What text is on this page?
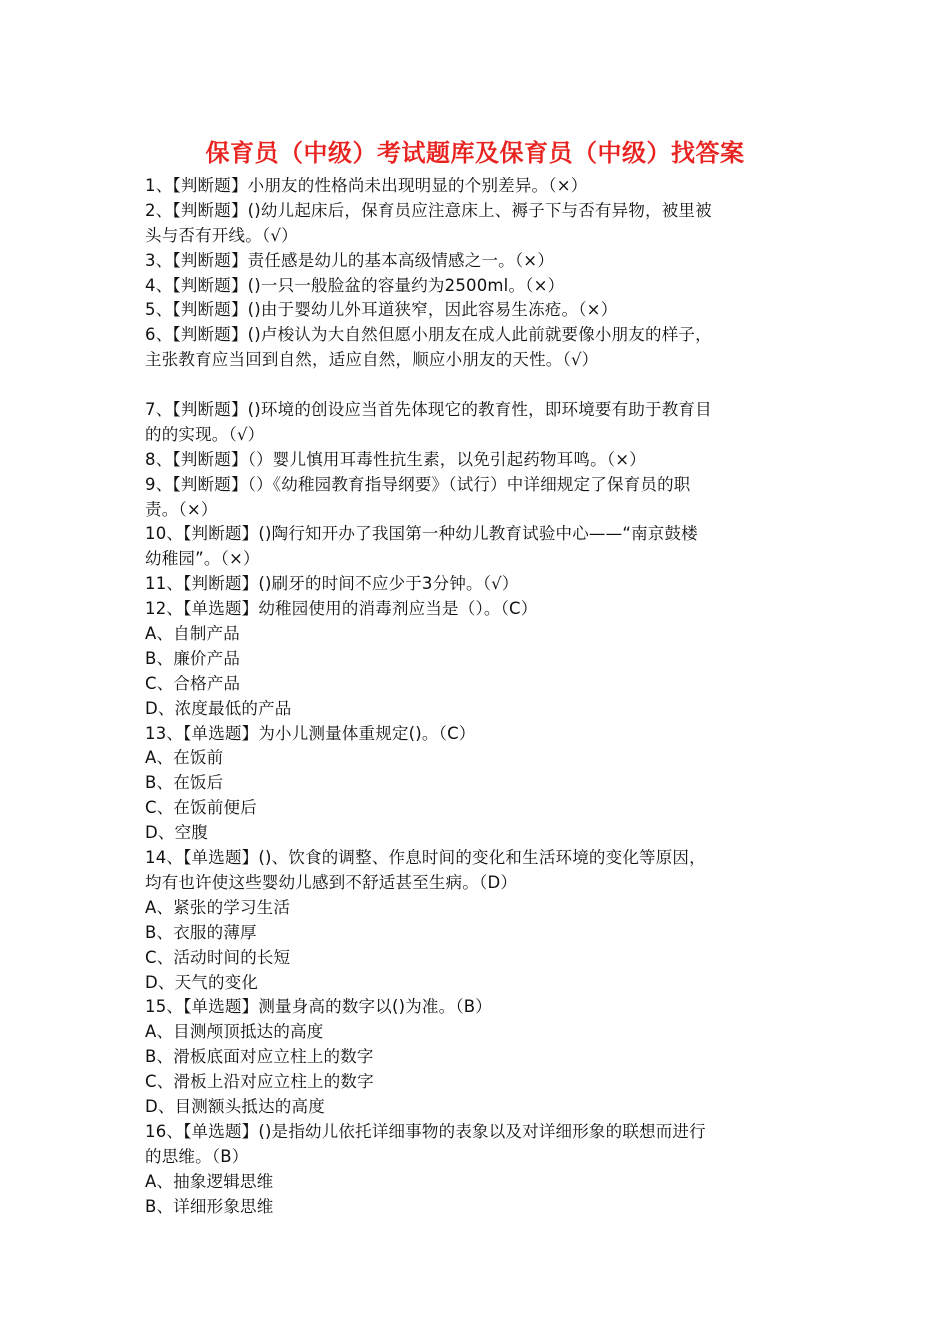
保育员（中级）考试题库及保育员（中级）找答案
1、【判断题】小朋友的性格尚未出现明显的个别差异。（×）
2、【判断题】()幼儿起床后，保育员应注意床上、褥子下与否有异物，被里被
头与否有开线。（√）
3、【判断题】责任感是幼儿的基本高级情感之一。（×）
4、【判断题】()一只一般脸盆的容量约为2500ml。（×）
5、【判断题】()由于婴幼儿外耳道狭窄，因此容易生冻疮。（×）
6、【判断题】()卢梭认为大自然但愿小朋友在成人此前就要像小朋友的样子，
主张教育应当回到自然，适应自然，顺应小朋友的天性。（√）
7、【判断题】()环境的创设应当首先体现它的教育性，即环境要有助于教育目
的的实现。（√）
8、【判断题】（）婴儿慎用耳毒性抗生素，以免引起药物耳鸣。（×）
9、【判断题】（）《幼稚园教育指导纲要》（试行）中详细规定了保育员的职
责。（×）
10、【判断题】()陶行知开办了我国第一种幼儿教育试验中心——“南京鼓楼
幼稚园”。（×）
11、【判断题】()刷牙的时间不应少于3分钟。（√）
12、【单选题】幼稚园使用的消毒剂应当是（）。（C）
A、自制产品
B、廉价产品
C、合格产品
D、浓度最低的产品
13、【单选题】为小儿测量体重规定()。（C）
A、在饭前
B、在饭后
C、在饭前便后
D、空腹
14、【单选题】()、饮食的调整、作息时间的变化和生活环境的变化等原因，
均有也许使这些婴幼儿感到不舒适甚至生病。（D）
A、紧张的学习生活
B、衣服的薄厚
C、活动时间的长短
D、天气的变化
15、【单选题】测量身高的数字以()为准。（B）
A、目测颅顶抵达的高度
B、滑板底面对应立柱上的数字
C、滑板上沿对应立柱上的数字
D、目测额头抵达的高度
16、【单选题】()是指幼儿依托详细事物的表象以及对详细形象的联想而进行
的思维。（B）
A、抽象逻辑思维
B、详细形象思维
